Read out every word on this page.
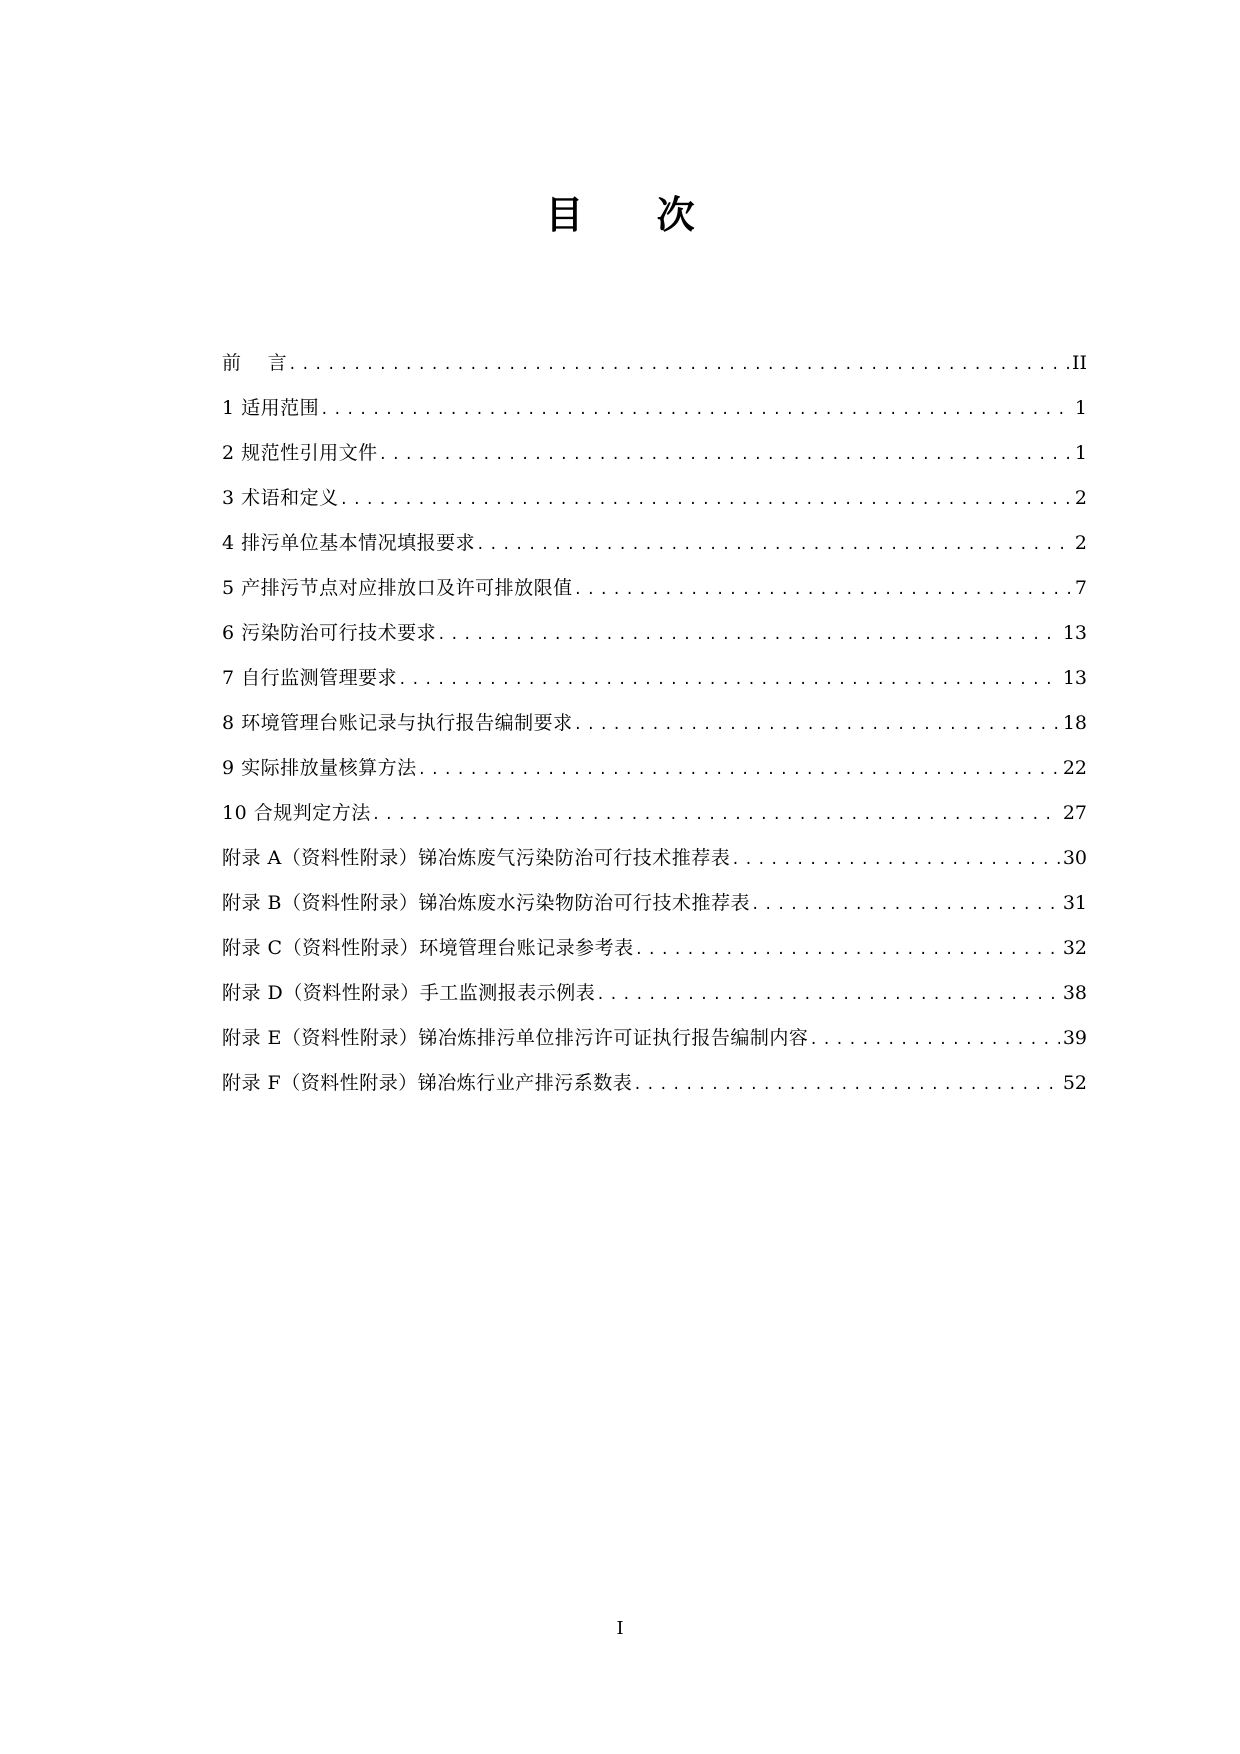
目 次
前    言 .....	II
1 适用范围 .....	1
2 规范性引用文件 .....	1
3 术语和定义 .....	2
4 排污单位基本情况填报要求 .....	2
5 产排污节点对应排放口及许可排放限值 .....	7
6 污染防治可行技术要求 .....	13
7 自行监测管理要求 .....	13
8 环境管理台账记录与执行报告编制要求 .....	18
9 实际排放量核算方法 .....	22
10 合规判定方法 .....	27
附录 A（资料性附录）锑冶炼废气污染防治可行技术推荐表 .....	30
附录 B（资料性附录）锑冶炼废水污染物防治可行技术推荐表 .....	31
附录 C（资料性附录）环境管理台账记录参考表 .....	32
附录 D（资料性附录）手工监测报表示例表 .....	38
附录 E（资料性附录）锑冶炼排污单位排污许可证执行报告编制内容 .....	39
附录 F（资料性附录）锑冶炼行业产排污系数表 .....	52
I
